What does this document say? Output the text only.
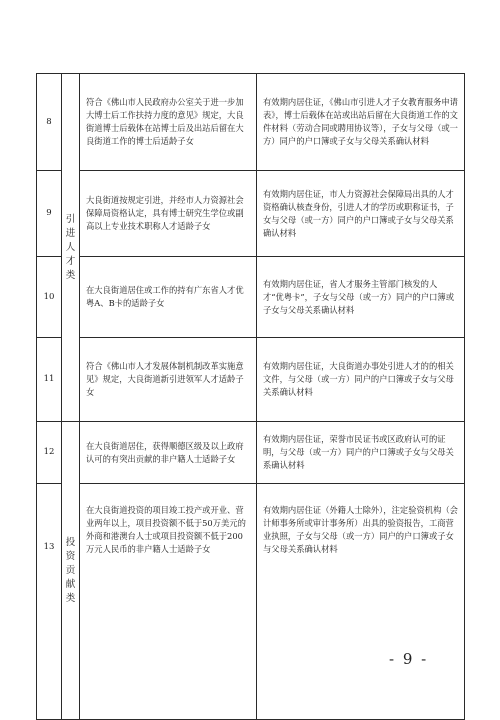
8	引进人才类	符合《佛山市人民政府办公室关于进一步加大博士后工作扶持力度的意见》规定，大良街道博士后载体在站博士后及出站后留在大良街道工作的博士后适龄子女	有效期内居住证，《佛山市引进人才子女教育服务申请表》，博士后载体在站或出站后留在大良街道工作的文件材料（劳动合同或聘用协议等），子女与父母（或一方）同户的户口簿或子女与父母关系确认材料
9		大良街道按规定引进，并经市人力资源社会保障局资格认定，具有博士研究生学位或副高以上专业技术职称人才适龄子女	有效期内居住证，市人力资源社会保障局出具的人才资格确认核查身份，引进人才的学历或职称证书，子女与父母（或一方）同户的户口簿或子女与父母关系确认材料
10		在大良街道居住或工作的持有广东省人才优粤A、B卡的适龄子女	有效期内居住证，省人才服务主管部门核发的人才“优粤卡”，子女与父母（或一方）同户的户口簿或子女与父母关系确认材料
11		符合《佛山市人才发展体制机制改革实施意见》规定，大良街道新引进领军人才适龄子女	有效期内居住证，大良街道办事处引进人才的的相关文件，与父母（或一方）同户的户口簿或子女与父母关系确认材料
12	投资贡献类	在大良街道居住，获得顺德区级及以上政府认可的有突出贡献的非户籍人士适龄子女	有效期内居住证，荣誉市民证书或区政府认可的证明，与父母（或一方）同户的户口簿或子女与父母关系确认材料
13		在大良街道投资的项目竣工投产或开业、营业两年以上，项目投资额不低于50万美元的外商和港澳台人士或项目投资额不低于200万元人民币的非户籍人士适龄子女	有效期内居住证（外籍人士除外），注定验资机构（会计师事务所或审计事务所）出具的验资报告，工商营业执照，子女与父母（或一方）同户的户口簿或子女与父母关系确认材料
- 9 -
